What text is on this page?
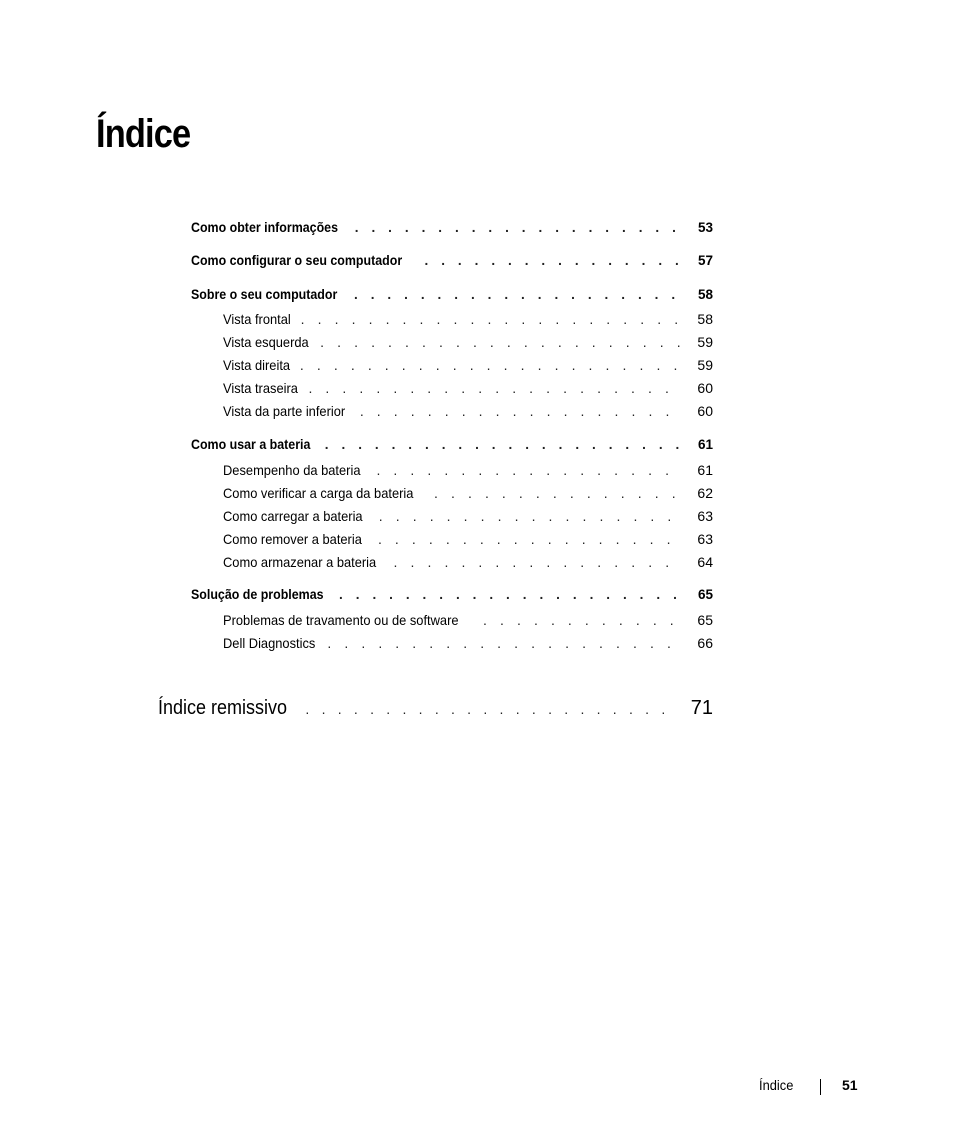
Índice
Como obter informações . . .	53
Como configurar o seu computador . . .	57
Sobre o seu computador . . .	58
Vista frontal . . .	58
Vista esquerda . . .	59
Vista direita . . .	59
Vista traseira . . .	60
Vista da parte inferior . . .	60
Como usar a bateria . . .	61
Desempenho da bateria . . .	61
Como verificar a carga da bateria . . .	62
Como carregar a bateria . . .	63
Como remover a bateria . . .	63
Como armazenar a bateria . . .	64
Solução de problemas . . .	65
Problemas de travamento ou de software . . .	65
Dell Diagnostics . . .	66
Índice remissivo . . .	71
Índice	51
